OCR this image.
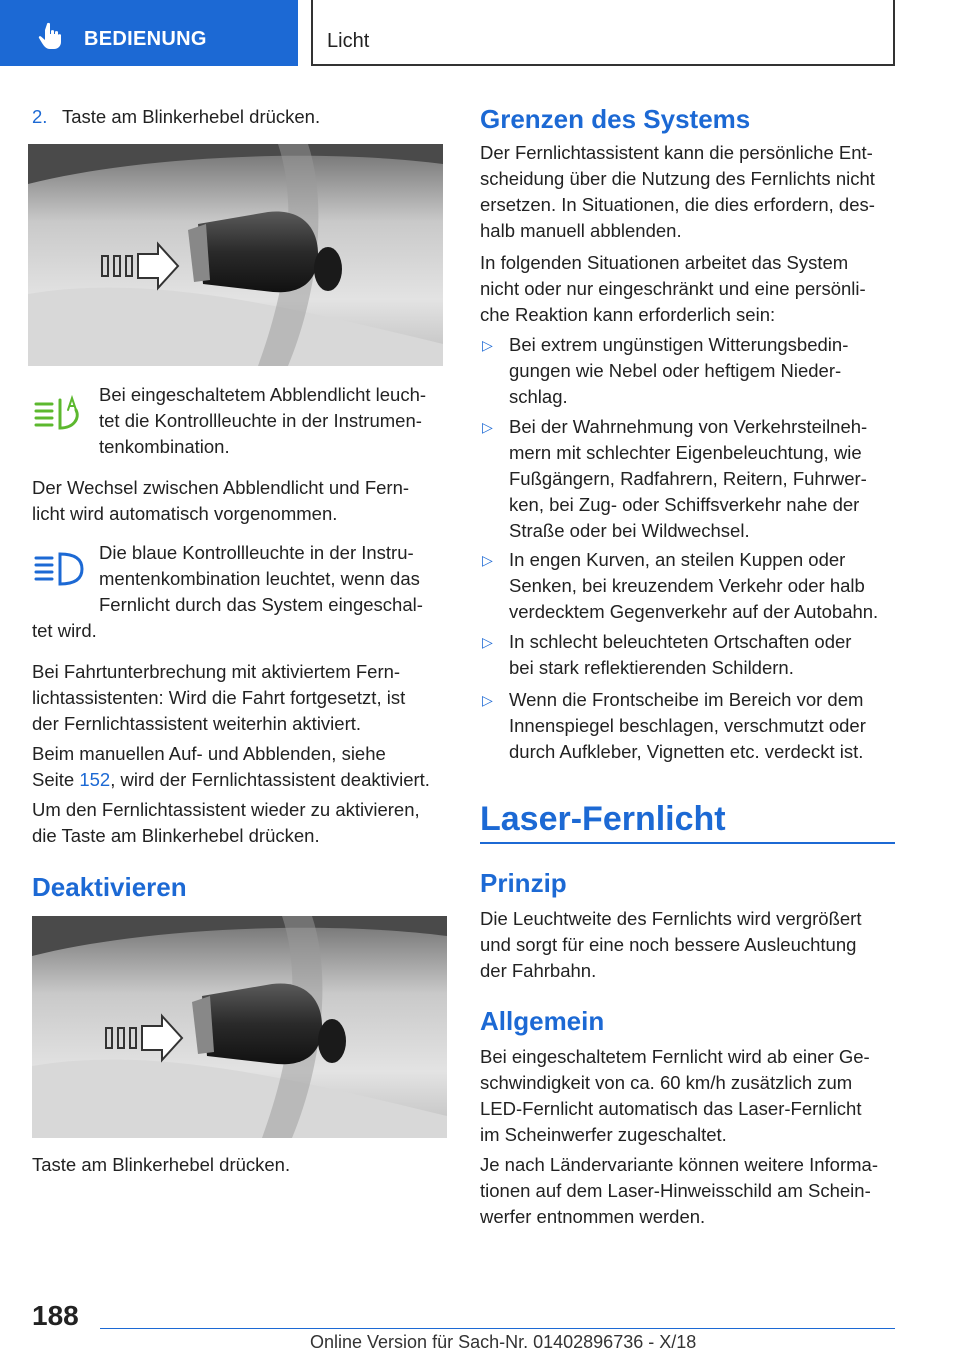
BEDIENUNG	Licht
2. Taste am Blinkerhebel drücken.
Bei eingeschaltetem Abblendlicht leuch-
tet die Kontrollleuchte in der Instrumen-
tenkombination.
Der Wechsel zwischen Abblendlicht und Fern-
licht wird automatisch vorgenommen.
Die blaue Kontrollleuchte in der Instru-
mentenkombination leuchtet, wenn das
Fernlicht durch das System eingeschal-
tet wird.
Bei Fahrtunterbrechung mit aktiviertem Fern-
lichtassistenten: Wird die Fahrt fortgesetzt, ist
der Fernlichtassistent weiterhin aktiviert.
Beim manuellen Auf- und Abblenden, siehe
Seite 152, wird der Fernlichtassistent deaktiviert.
Um den Fernlichtassistent wieder zu aktivieren,
die Taste am Blinkerhebel drücken.
Deaktivieren
Taste am Blinkerhebel drücken.
Grenzen des Systems
Der Fernlichtassistent kann die persönliche Ent-
scheidung über die Nutzung des Fernlichts nicht
ersetzen. In Situationen, die dies erfordern, des-
halb manuell abblenden.
In folgenden Situationen arbeitet das System
nicht oder nur eingeschränkt und eine persönli-
che Reaktion kann erforderlich sein:
▷ Bei extrem ungünstigen Witterungsbedin-
gungen wie Nebel oder heftigem Nieder-
schlag.
▷ Bei der Wahrnehmung von Verkehrsteilneh-
mern mit schlechter Eigenbeleuchtung, wie
Fußgängern, Radfahrern, Reitern, Fuhrwer-
ken, bei Zug- oder Schiffsverkehr nahe der
Straße oder bei Wildwechsel.
▷ In engen Kurven, an steilen Kuppen oder
Senken, bei kreuzendem Verkehr oder halb
verdecktem Gegenverkehr auf der Autobahn.
▷ In schlecht beleuchteten Ortschaften oder
bei stark reflektierenden Schildern.
▷ Wenn die Frontscheibe im Bereich vor dem
Innenspiegel beschlagen, verschmutzt oder
durch Aufkleber, Vignetten etc. verdeckt ist.
Laser-Fernlicht
Prinzip
Die Leuchtweite des Fernlichts wird vergrößert
und sorgt für eine noch bessere Ausleuchtung
der Fahrbahn.
Allgemein
Bei eingeschaltetem Fernlicht wird ab einer Ge-
schwindigkeit von ca. 60 km/h zusätzlich zum
LED-Fernlicht automatisch das Laser-Fernlicht
im Scheinwerfer zugeschaltet.
Je nach Ländervariante können weitere Informa-
tionen auf dem Laser-Hinweisschild am Schein-
werfer entnommen werden.
188
Online Version für Sach-Nr. 01402896736 - X/18
